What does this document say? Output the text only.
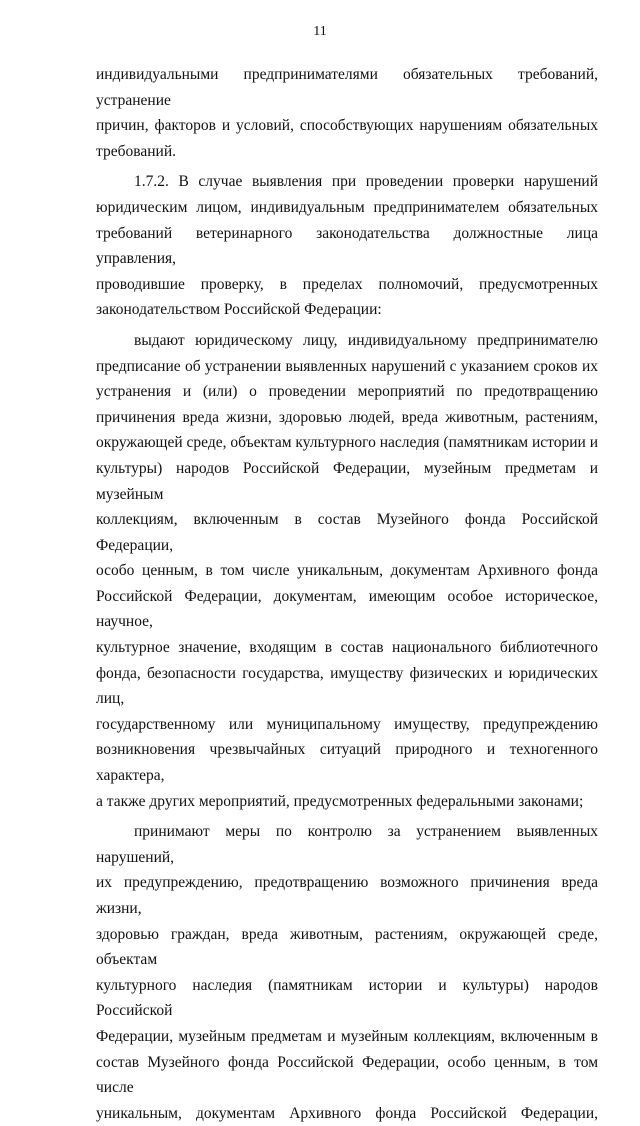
11

индивидуальными предпринимателями обязательных требований, устранение

причин, факторов и условий, способствующих нарушениям обязательных

требований.

1.7.2. В случае выявления при проведении проверки нарушений

юридическим лицом, индивидуальным предпринимателем обязательных

требований ветеринарного законодательства должностные лица управления,

проводившие проверку, в пределах полномочий, предусмотренных

законодательством Российской Федерации:

выдают юридическому лицу, индивидуальному предпринимателю

предписание об устранении выявленных нарушений с указанием сроков их

устранения и (или) о проведении мероприятий по предотвращению

причинения вреда жизни, здоровью людей, вреда животным, растениям,

окружающей среде, объектам культурного наследия (памятникам истории и

культуры) народов Российской Федерации, музейным предметам и музейным

коллекциям, включенным в состав Музейного фонда Российской Федерации,

особо ценным, в том числе уникальным, документам Архивного фонда

Российской Федерации, документам, имеющим особое историческое, научное,

культурное значение, входящим в состав национального библиотечного

фонда, безопасности государства, имуществу физических и юридических лиц,

государственному или муниципальному имуществу, предупреждению

возникновения чрезвычайных ситуаций природного и техногенного характера,

а также других мероприятий, предусмотренных федеральными законами;

принимают меры по контролю за устранением выявленных нарушений,

их предупреждению, предотвращению возможного причинения вреда жизни,

здоровью граждан, вреда животным, растениям, окружающей среде, объектам

культурного наследия (памятникам истории и культуры) народов Российской

Федерации, музейным предметам и музейным коллекциям, включенным в

состав Музейного фонда Российской Федерации, особо ценным, в том числе

уникальным, документам Архивного фонда Российской Федерации,
